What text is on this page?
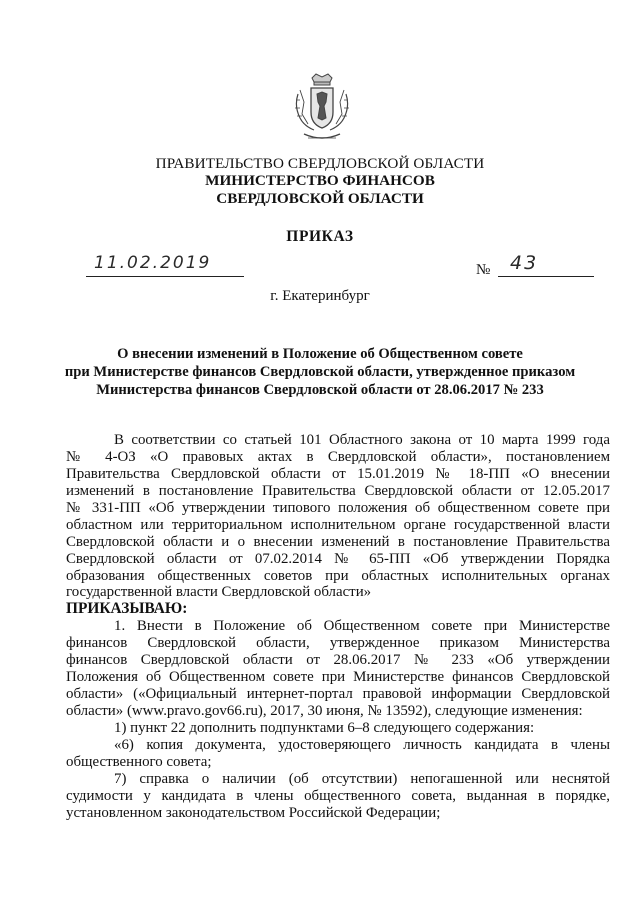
ПРАВИТЕЛЬСТВО СВЕРДЛОВСКОЙ ОБЛАСТИ
МИНИСТЕРСТВО ФИНАНСОВ
СВЕРДЛОВСКОЙ ОБЛАСТИ
ПРИКАЗ
11.02.2019	№ 43
г. Екатеринбург
О внесении изменений в Положение об Общественном совете
при Министерстве финансов Свердловской области, утвержденное приказом
Министерства финансов Свердловской области от 28.06.2017 № 233
В соответствии со статьей 101 Областного закона от 10 марта 1999 года
№ 4-ОЗ «О правовых актах в Свердловской области», постановлением
Правительства Свердловской области от 15.01.2019 № 18-ПП «О внесении
изменений в постановление Правительства Свердловской области от 12.05.2017
№ 331-ПП «Об утверждении типового положения об общественном совете при
областном или территориальном исполнительном органе государственной власти
Свердловской области и о внесении изменений в постановление Правительства
Свердловской области от 07.02.2014 № 65-ПП «Об утверждении Порядка
образования общественных советов при областных исполнительных органах
государственной власти Свердловской области»
ПРИКАЗЫВАЮ:
1. Внести в Положение об Общественном совете при Министерстве
финансов Свердловской области, утвержденное приказом Министерства
финансов Свердловской области от 28.06.2017 № 233 «Об утверждении
Положения об Общественном совете при Министерстве финансов Свердловской
области» («Официальный интернет-портал правовой информации Свердловской
области» (www.pravo.gov66.ru), 2017, 30 июня, № 13592), следующие изменения:
1) пункт 22 дополнить подпунктами 6–8 следующего содержания:
«6) копия документа, удостоверяющего личность кандидата в члены
общественного совета;
7) справка о наличии (об отсутствии) непогашенной или неснятой
судимости у кандидата в члены общественного совета, выданная в порядке,
установленном законодательством Российской Федерации;
